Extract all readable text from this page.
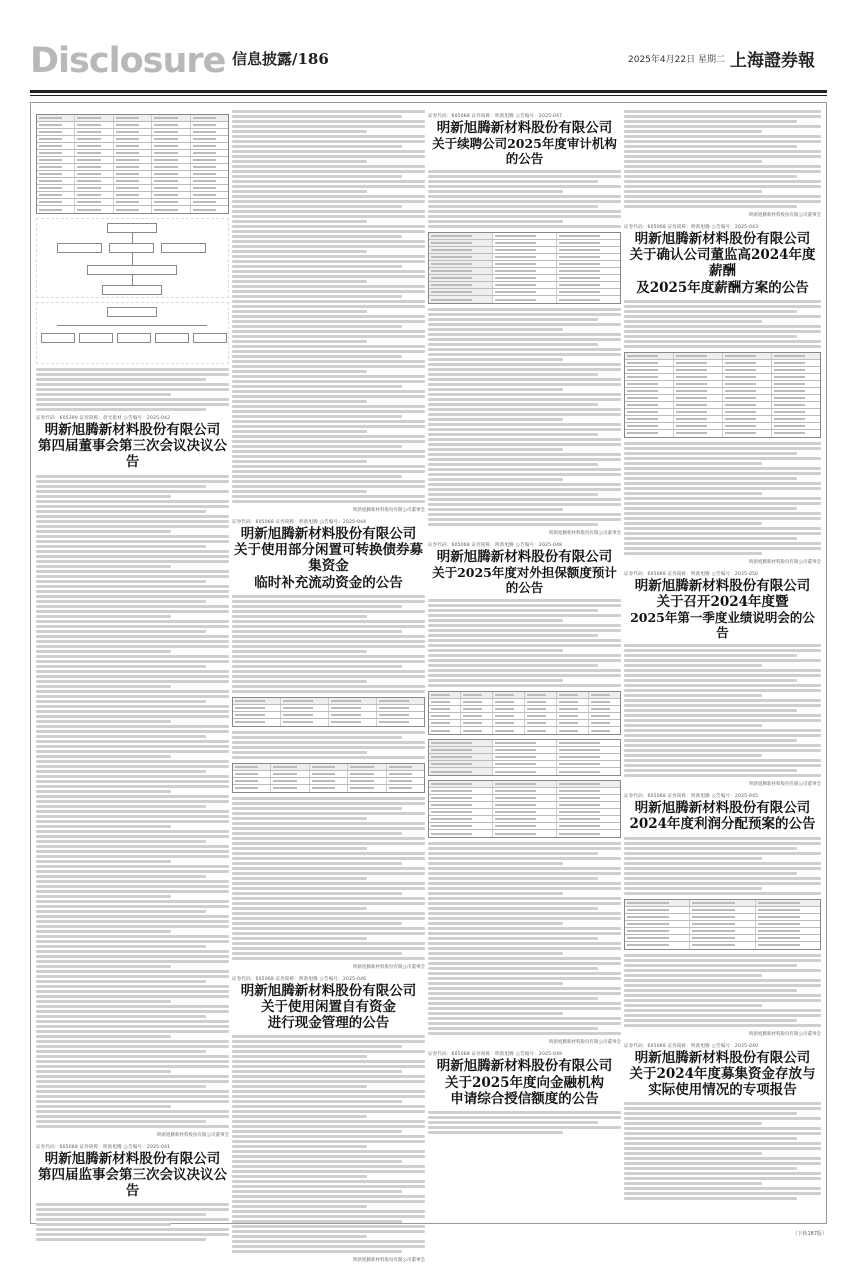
Disclosure 信息披露/186	2025年4月22日 星期二 上海證券報
证券代码：605399 证券简称：晨光新材 公告编号：2025-042
明新旭腾新材料股份有限公司
第四届董事会第三次会议决议公告
明新旭腾新材料股份有限公司董事会
证券代码：605068 证券简称：明新旭腾 公告编号：2025-041
明新旭腾新材料股份有限公司
第四届监事会第三次会议决议公告
明新旭腾新材料股份有限公司董事会
证券代码：605068 证券简称：明新旭腾 公告编号：2025-044
明新旭腾新材料股份有限公司
关于使用部分闲置可转换债券募集资金
临时补充流动资金的公告
明新旭腾新材料股份有限公司董事会
证券代码：605068 证券简称：明新旭腾 公告编号：2025-046
明新旭腾新材料股份有限公司
关于使用闲置自有资金
进行现金管理的公告
明新旭腾新材料股份有限公司董事会
证券代码：605068 证券简称：明新旭腾 公告编号：2025-047
明新旭腾新材料股份有限公司
关于续聘公司2025年度审计机构的公告
明新旭腾新材料股份有限公司董事会
证券代码：605068 证券简称：明新旭腾 公告编号：2025-048
明新旭腾新材料股份有限公司
关于2025年度对外担保额度预计的公告
明新旭腾新材料股份有限公司董事会
证券代码：605068 证券简称：明新旭腾 公告编号：2025-049
明新旭腾新材料股份有限公司
关于2025年度向金融机构
申请综合授信额度的公告
明新旭腾新材料股份有限公司董事会
证券代码：605068 证券简称：明新旭腾 公告编号：2025-043
明新旭腾新材料股份有限公司
关于确认公司董监高2024年度薪酬
及2025年度薪酬方案的公告
明新旭腾新材料股份有限公司董事会
证券代码：605068 证券简称：明新旭腾 公告编号：2025-050
明新旭腾新材料股份有限公司
关于召开2024年度暨
2025年第一季度业绩说明会的公告
明新旭腾新材料股份有限公司董事会
证券代码：605068 证券简称：明新旭腾 公告编号：2025-045
明新旭腾新材料股份有限公司
2024年度利润分配预案的公告
明新旭腾新材料股份有限公司董事会
证券代码：605068 证券简称：明新旭腾 公告编号：2025-040
明新旭腾新材料股份有限公司
关于2024年度募集资金存放与
实际使用情况的专项报告
（下转187版）
